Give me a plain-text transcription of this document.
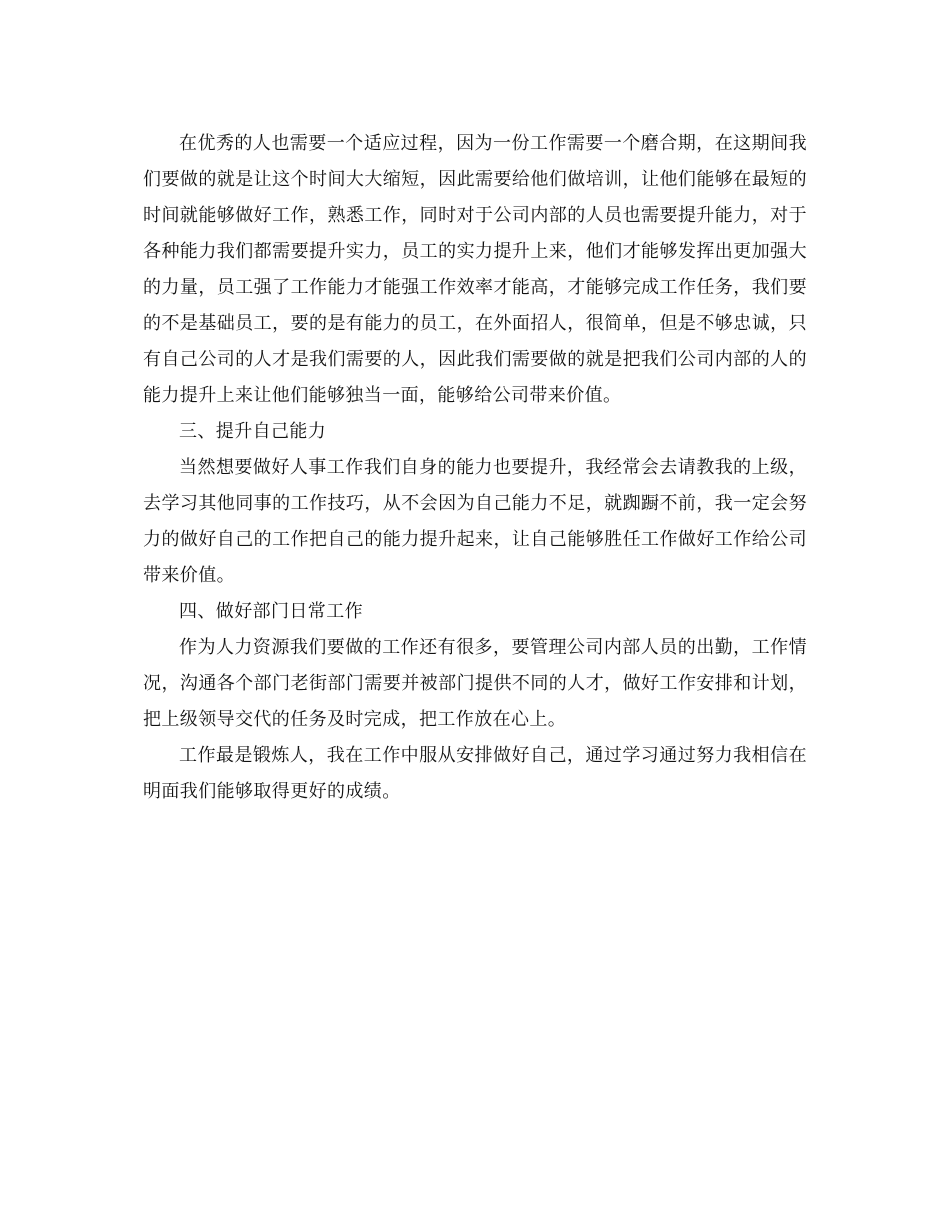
在优秀的人也需要一个适应过程，因为一份工作需要一个磨合期，在这期间我们要做的就是让这个时间大大缩短，因此需要给他们做培训，让他们能够在最短的时间就能够做好工作，熟悉工作，同时对于公司内部的人员也需要提升能力，对于各种能力我们都需要提升实力，员工的实力提升上来，他们才能够发挥出更加强大的力量，员工强了工作能力才能强工作效率才能高，才能够完成工作任务，我们要的不是基础员工，要的是有能力的员工，在外面招人，很简单，但是不够忠诚，只有自己公司的人才是我们需要的人，因此我们需要做的就是把我们公司内部的人的能力提升上来让他们能够独当一面，能够给公司带来价值。

三、提升自己能力

当然想要做好人事工作我们自身的能力也要提升，我经常会去请教我的上级，去学习其他同事的工作技巧，从不会因为自己能力不足，就踟蹰不前，我一定会努力的做好自己的工作把自己的能力提升起来，让自己能够胜任工作做好工作给公司带来价值。

四、做好部门日常工作

作为人力资源我们要做的工作还有很多，要管理公司内部人员的出勤，工作情况，沟通各个部门老街部门需要并被部门提供不同的人才，做好工作安排和计划，把上级领导交代的任务及时完成，把工作放在心上。

工作最是锻炼人，我在工作中服从安排做好自己，通过学习通过努力我相信在明面我们能够取得更好的成绩。
